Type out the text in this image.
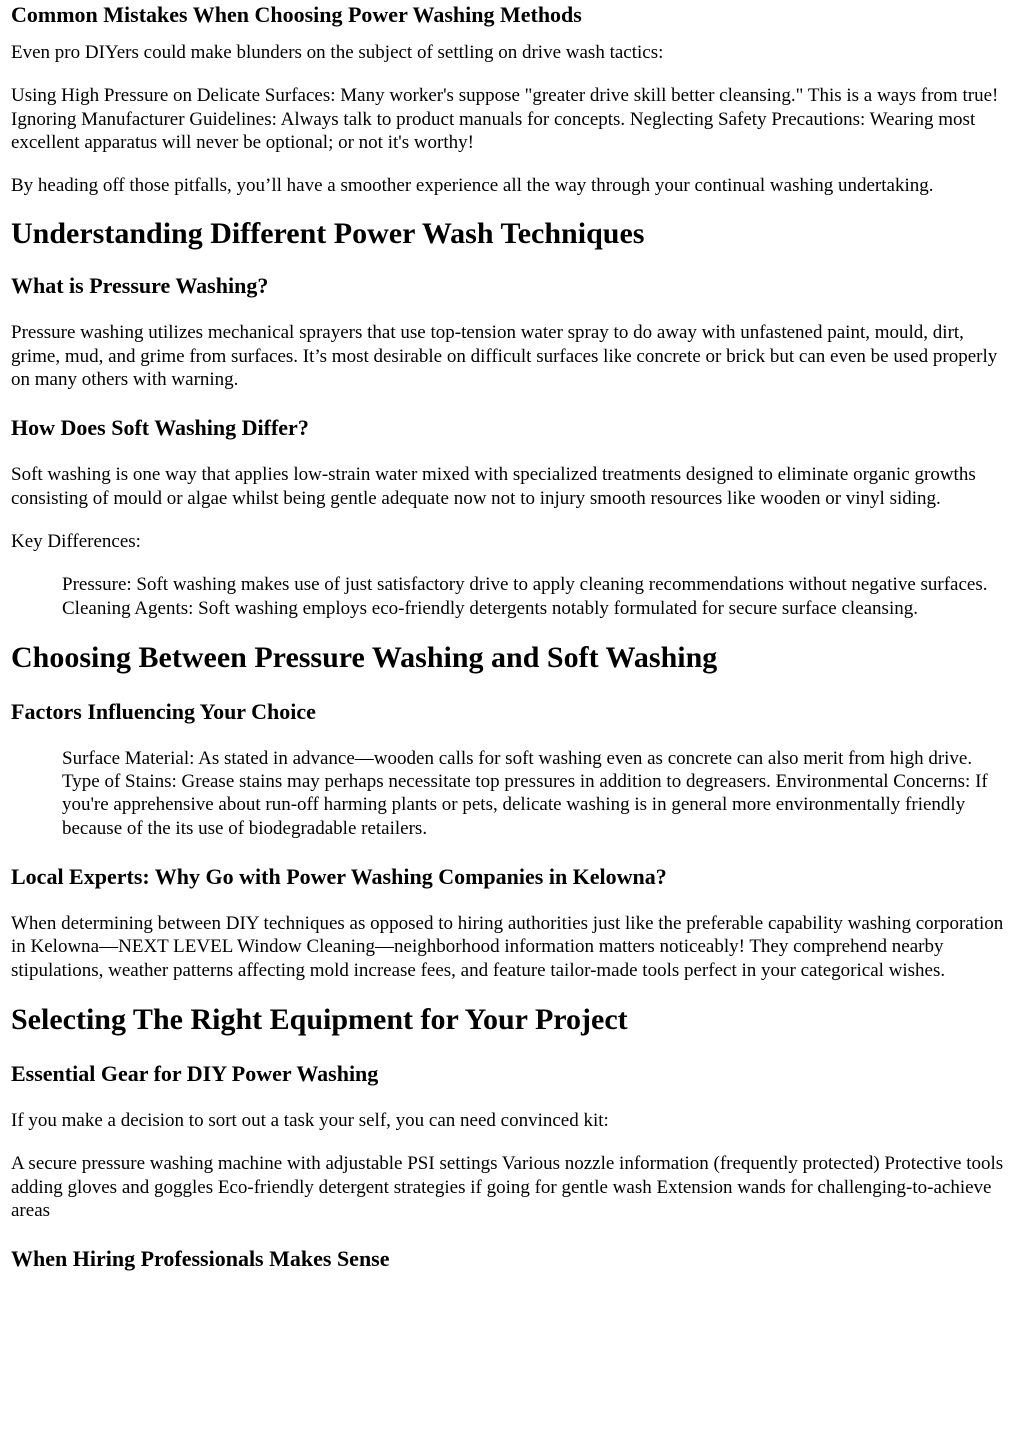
Common Mistakes When Choosing Power Washing Methods

Even pro DIYers could make blunders on the subject of settling on drive wash tactics:

Using High Pressure on Delicate Surfaces: Many worker's suppose "greater drive skill better cleansing." This is a ways from true! Ignoring Manufacturer Guidelines: Always talk to product manuals for concepts. Neglecting Safety Precautions: Wearing most excellent apparatus will never be optional; or not it's worthy!

By heading off those pitfalls, you’ll have a smoother experience all the way through your continual washing undertaking.

Understanding Different Power Wash Techniques
What is Pressure Washing?

Pressure washing utilizes mechanical sprayers that use top-tension water spray to do away with unfastened paint, mould, dirt, grime, mud, and grime from surfaces. It’s most desirable on difficult surfaces like concrete or brick but can even be used properly on many others with warning.

How Does Soft Washing Differ?

Soft washing is one way that applies low-strain water mixed with specialized treatments designed to eliminate organic growths consisting of mould or algae whilst being gentle adequate now not to injury smooth resources like wooden or vinyl siding.

Key Differences:

Pressure: Soft washing makes use of just satisfactory drive to apply cleaning recommendations without negative surfaces. Cleaning Agents: Soft washing employs eco-friendly detergents notably formulated for secure surface cleansing.

Choosing Between Pressure Washing and Soft Washing
Factors Influencing Your Choice

Surface Material: As stated in advance—wooden calls for soft washing even as concrete can also merit from high drive. Type of Stains: Grease stains may perhaps necessitate top pressures in addition to degreasers. Environmental Concerns: If you're apprehensive about run-off harming plants or pets, delicate washing is in general more environmentally friendly because of the its use of biodegradable retailers.

Local Experts: Why Go with Power Washing Companies in Kelowna?

When determining between DIY techniques as opposed to hiring authorities just like the preferable capability washing corporation in Kelowna—NEXT LEVEL Window Cleaning—neighborhood information matters noticeably! They comprehend nearby stipulations, weather patterns affecting mold increase fees, and feature tailor-made tools perfect in your categorical wishes.

Selecting The Right Equipment for Your Project
Essential Gear for DIY Power Washing

If you make a decision to sort out a task your self, you can need convinced kit:

A secure pressure washing machine with adjustable PSI settings Various nozzle information (frequently protected) Protective tools adding gloves and goggles Eco-friendly detergent strategies if going for gentle wash Extension wands for challenging-to-achieve areas

When Hiring Professionals Makes Sense
